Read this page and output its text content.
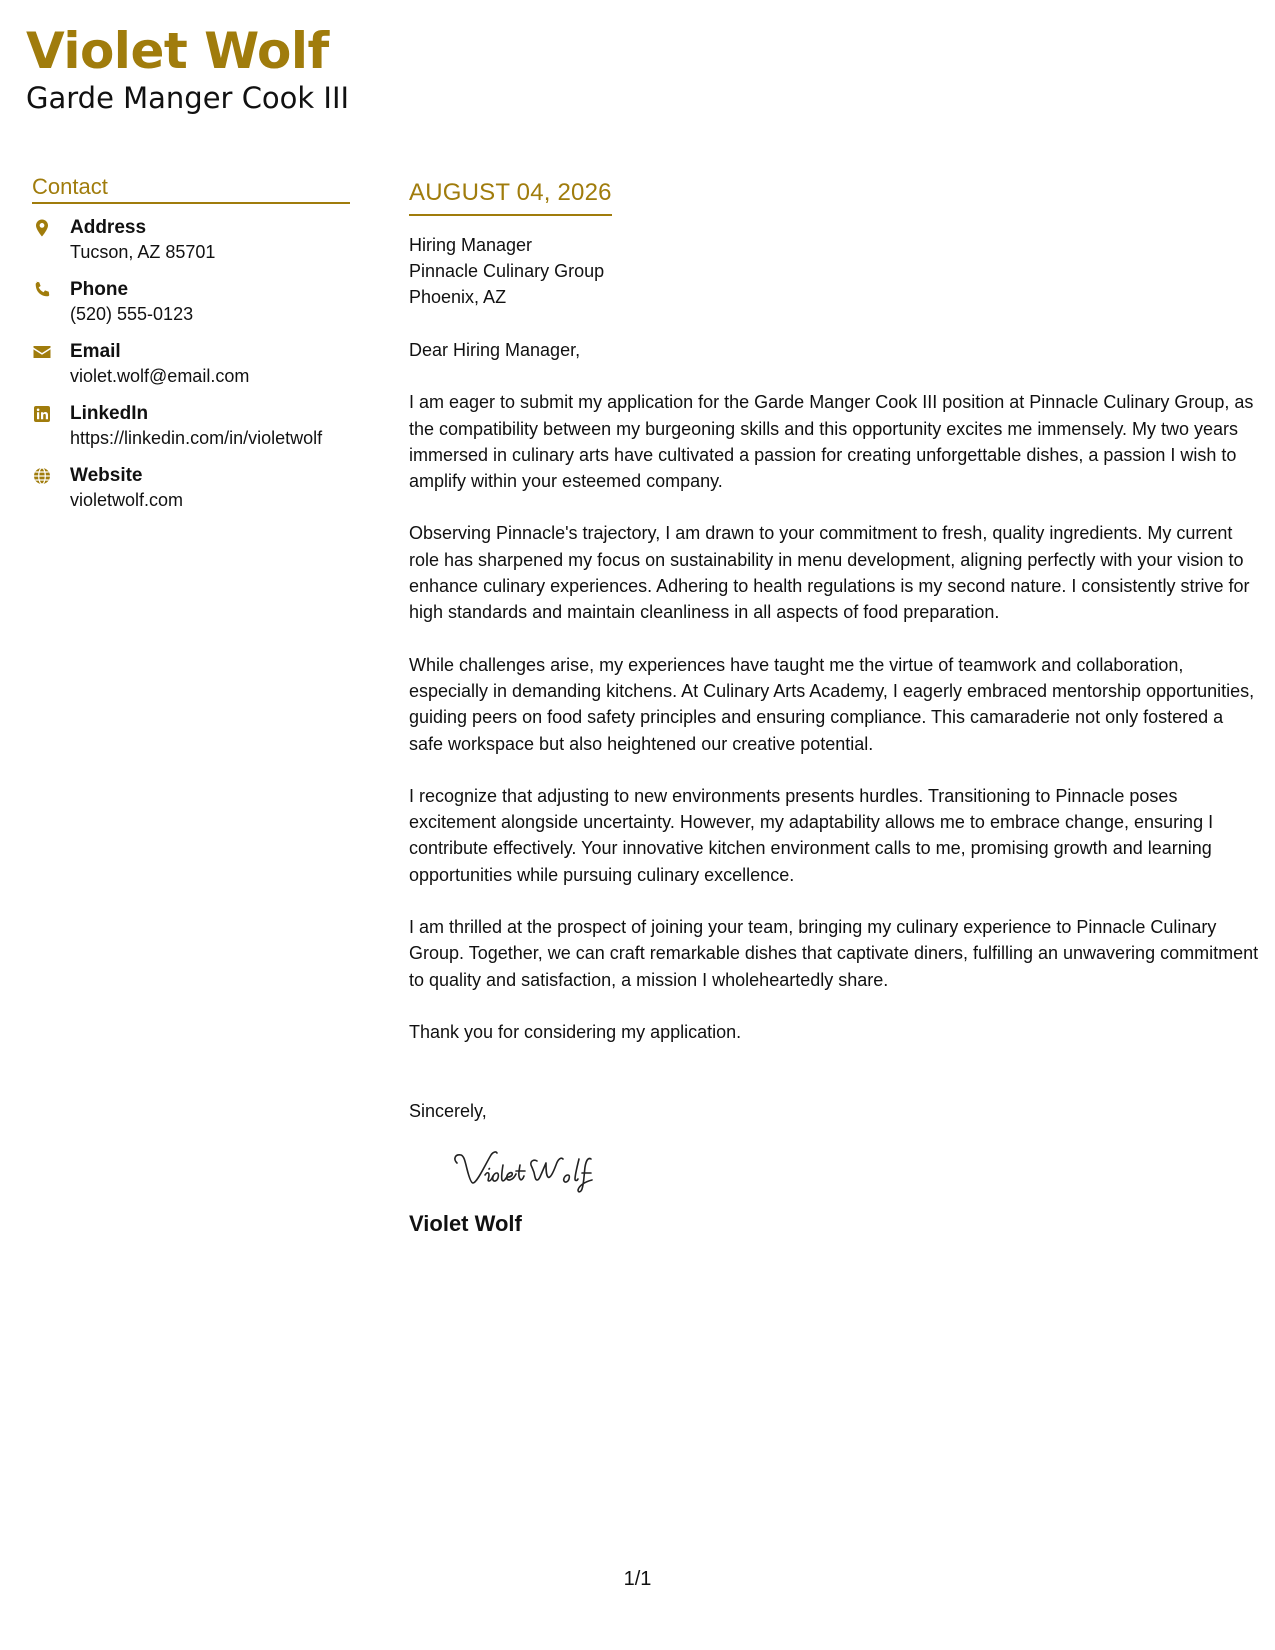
Violet Wolf
Garde Manger Cook III
Contact
Address
Tucson, AZ 85701
Phone
(520) 555-0123
Email
violet.wolf@email.com
LinkedIn
https://linkedin.com/in/violetwolf
Website
violetwolf.com
AUGUST 04, 2026
Hiring Manager
Pinnacle Culinary Group
Phoenix, AZ
Dear Hiring Manager,
I am eager to submit my application for the Garde Manger Cook III position at Pinnacle Culinary Group, as the compatibility between my burgeoning skills and this opportunity excites me immensely. My two years immersed in culinary arts have cultivated a passion for creating unforgettable dishes, a passion I wish to amplify within your esteemed company.
Observing Pinnacle's trajectory, I am drawn to your commitment to fresh, quality ingredients. My current role has sharpened my focus on sustainability in menu development, aligning perfectly with your vision to enhance culinary experiences. Adhering to health regulations is my second nature. I consistently strive for high standards and maintain cleanliness in all aspects of food preparation.
While challenges arise, my experiences have taught me the virtue of teamwork and collaboration, especially in demanding kitchens. At Culinary Arts Academy, I eagerly embraced mentorship opportunities, guiding peers on food safety principles and ensuring compliance. This camaraderie not only fostered a safe workspace but also heightened our creative potential.
I recognize that adjusting to new environments presents hurdles. Transitioning to Pinnacle poses excitement alongside uncertainty. However, my adaptability allows me to embrace change, ensuring I contribute effectively. Your innovative kitchen environment calls to me, promising growth and learning opportunities while pursuing culinary excellence.
I am thrilled at the prospect of joining your team, bringing my culinary experience to Pinnacle Culinary Group. Together, we can craft remarkable dishes that captivate diners, fulfilling an unwavering commitment to quality and satisfaction, a mission I wholeheartedly share.
Thank you for considering my application.
Sincerely,
Violet Wolf
1/1
